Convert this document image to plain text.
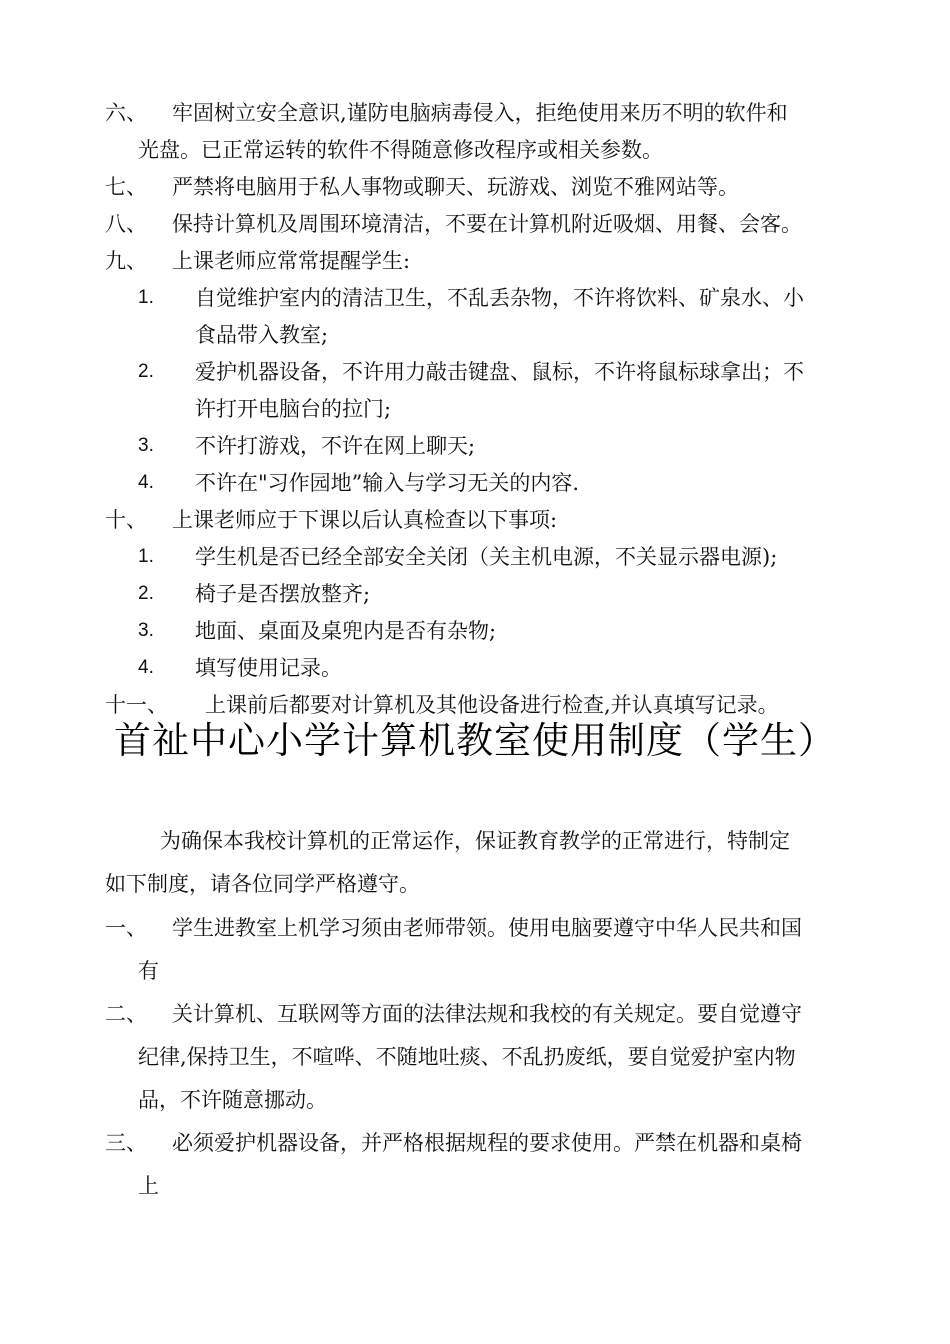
六、 牢固树立安全意识,谨防电脑病毒侵入，拒绝使用来历不明的软件和
光盘。已正常运转的软件不得随意修改程序或相关参数。
七、 严禁将电脑用于私人事物或聊天、玩游戏、浏览不雅网站等。
八、 保持计算机及周围环境清洁，不要在计算机附近吸烟、用餐、会客。
九、 上课老师应常常提醒学生:
1. 自觉维护室内的清洁卫生，不乱丢杂物，不许将饮料、矿泉水、小
食品带入教室;
2. 爱护机器设备，不许用力敲击键盘、鼠标，不许将鼠标球拿出；不
许打开电脑台的拉门;
3. 不许打游戏，不许在网上聊天;
4. 不许在"习作园地”输入与学习无关的内容.
十、 上课老师应于下课以后认真检查以下事项:
1. 学生机是否已经全部安全关闭（关主机电源，不关显示器电源);
2. 椅子是否摆放整齐;
3. 地面、桌面及桌兜内是否有杂物;
4. 填写使用记录。
十一、 上课前后都要对计算机及其他设备进行检查,并认真填写记录。
首祉中心小学计算机教室使用制度（学生）
为确保本我校计算机的正常运作，保证教育教学的正常进行，特制定
如下制度，请各位同学严格遵守。
一、 学生进教室上机学习须由老师带领。使用电脑要遵守中华人民共和国
有
二、 关计算机、互联网等方面的法律法规和我校的有关规定。要自觉遵守
纪律,保持卫生，不喧哗、不随地吐痰、不乱扔废纸，要自觉爱护室内物
品，不许随意挪动。
三、 必须爱护机器设备，并严格根据规程的要求使用。严禁在机器和桌椅
上
